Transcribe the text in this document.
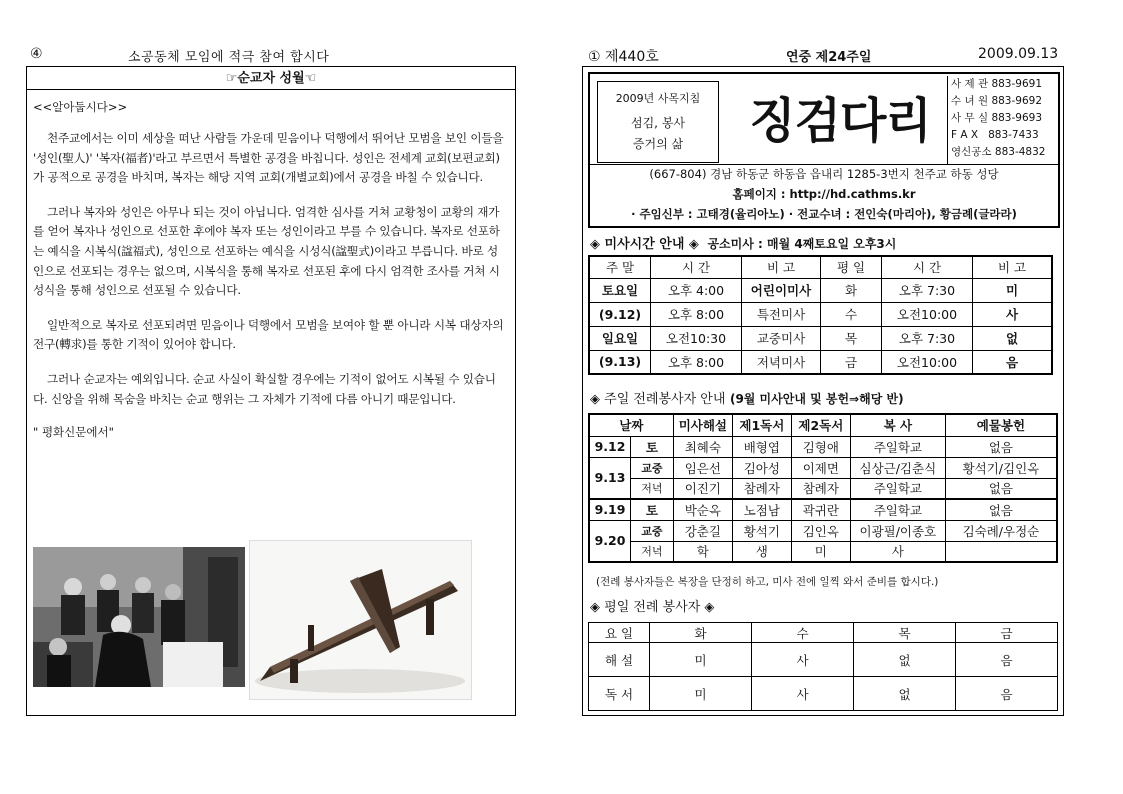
④	소공동체 모임에 적극 참여 합시다
☞순교자 성월☜
<<알아둡시다>>

천주교에서는 이미 세상을 떠난 사람들 가운데 믿음이나 덕행에서 뛰어난 모범을 보인 이들을 '성인(聖人)' '복자(福者)'라고 부르면서 특별한 공경을 바칩니다. 성인은 전세계 교회(보편교회)가 공적으로 공경을 바치며, 복자는 해당 지역 교회(개별교회)에서 공경을 바칠 수 있습니다.

그러나 복자와 성인은 아무나 되는 것이 아닙니다. 엄격한 심사를 거쳐 교황청이 교황의 재가를 얻어 복자나 성인으로 선포한 후에야 복자 또는 성인이라고 부를 수 있습니다. 복자로 선포하는 예식을 시복식(諡福式), 성인으로 선포하는 예식을 시성식(諡聖式)이라고 부릅니다. 바로 성인으로 선포되는 경우는 없으며, 시복식을 통해 복자로 선포된 후에 다시 엄격한 조사를 거쳐 시성식을 통해 성인으로 선포될 수 있습니다.

일반적으로 복자로 선포되려면 믿음이나 덕행에서 모범을 보여야 할 뿐 아니라 시복 대상자의 전구(轉求)를 통한 기적이 있어야 합니다.

그러나 순교자는 예외입니다. 순교 사실이 확실할 경우에는 기적이 없어도 시복될 수 있습니다. 신앙을 위해 목숨을 바치는 순교 행위는 그 자체가 기적에 다름 아니기 때문입니다.

" 평화신문에서"
① 제440호	연중 제24주일	2009.09.13
2009년 사목지침
섬김, 봉사
증거의 삶	징검다리
사 제 관 883-9691
수 녀 원 883-9692
사 무 실 883-9693
F A X   883-7433
영신공소 883-4832
(667-804) 경남 하동군 하동읍 읍내리 1285-3번지 천주교 하동 성당
홈페이지 : http://hd.cathms.kr
· 주임신부 : 고태경(율리아노) · 전교수녀 : 전인숙(마리아), 황금례(글라라)
◈ 미사시간 안내 ◈ 공소미사 : 매월 4째토요일 오후3시
주 말	시 간	비 고	평 일	시 간	비 고
토요일	오후 4:00	어린이미사	화	오후 7:30	미
(9.12)	오후 8:00	특전미사	수	오전10:00	사
일요일	오전10:30	교중미사	목	오후 7:30	없
(9.13)	오후 8:00	저녁미사	금	오전10:00	음
◈ 주일 전례봉사자 안내 (9월 미사안내 및 봉헌⇒해당 반)
날짜		미사해설	제1독서	제2독서	복 사	예물봉헌
9.12	토	최혜숙	배형엽	김형애	주일학교	없음
9.13	교중	임은선	김아성	이제면	심상근/김춘식	황석기/김인옥
	저녁	이진기	참례자	참례자	주일학교	없음
9.19	토	박순옥	노점남	곽귀란	주일학교	없음
9.20	교중	강춘길	황석기	김인옥	이광필/이종호	김숙례/우정순
	저녁	학	생	미	사	
(전례 봉사자들은 복장을 단정히 하고, 미사 전에 일찍 와서 준비를 합시다.)
◈ 평일 전례 봉사자 ◈
요 일	화	수	목	금
해 설	미	사	없	음
독 서	미	사	없	음
